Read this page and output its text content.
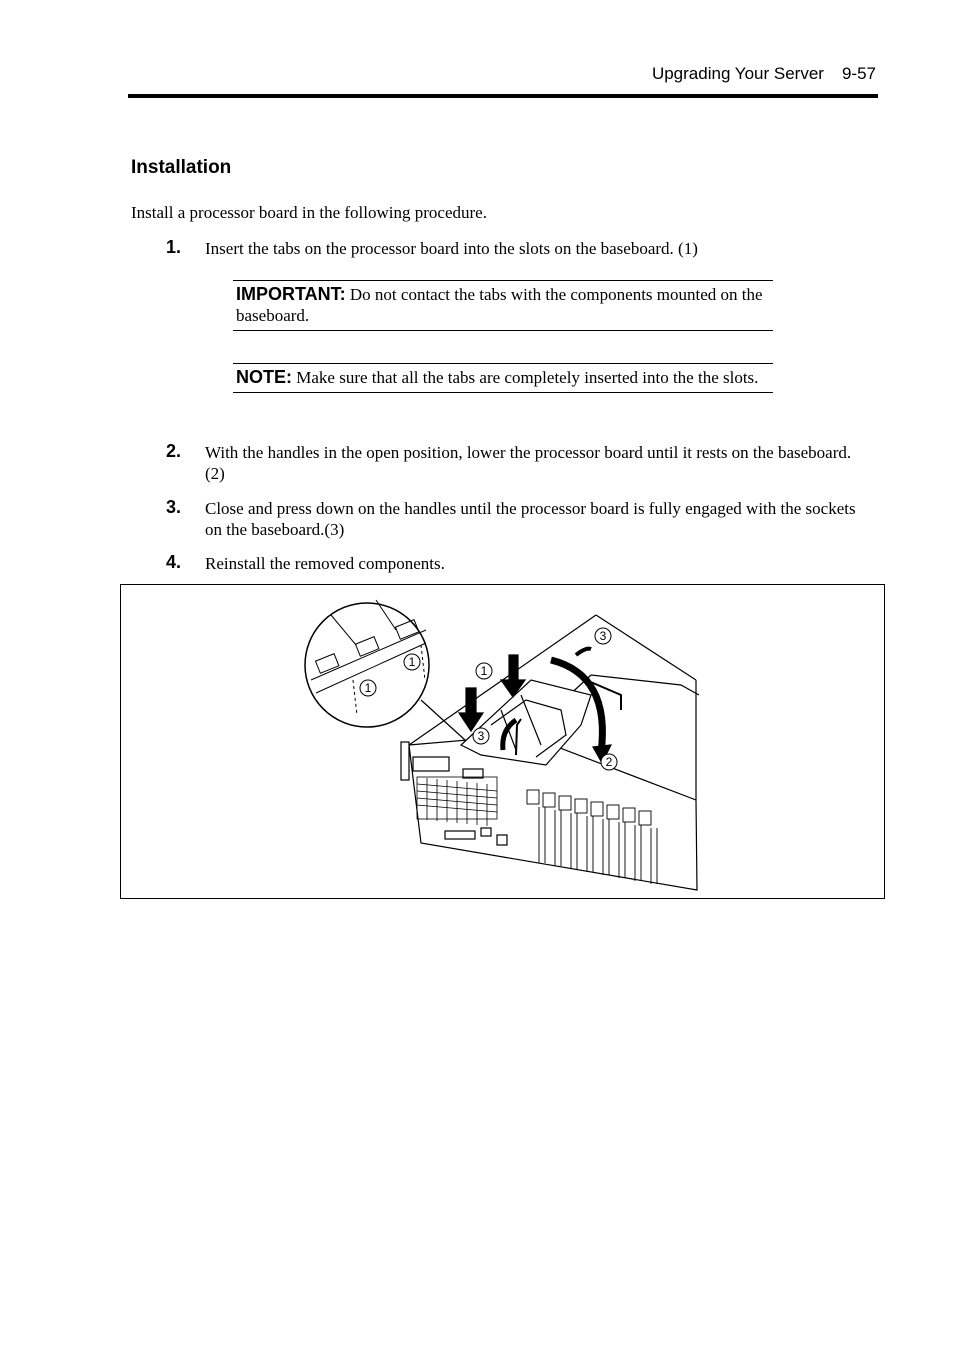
Upgrading Your Server 9-57
Installation
Install a processor board in the following procedure.
1. Insert the tabs on the processor board into the slots on the baseboard. (1)
IMPORTANT: Do not contact the tabs with the components mounted on the baseboard.
NOTE: Make sure that all the tabs are completely inserted into the the slots.
2. With the handles in the open position, lower the processor board until it rests on the baseboard.(2)
3. Close and press down on the handles until the processor board is fully engaged with the sockets on the baseboard.(3)
4. Reinstall the removed components.
1
1
1
2
3
3
